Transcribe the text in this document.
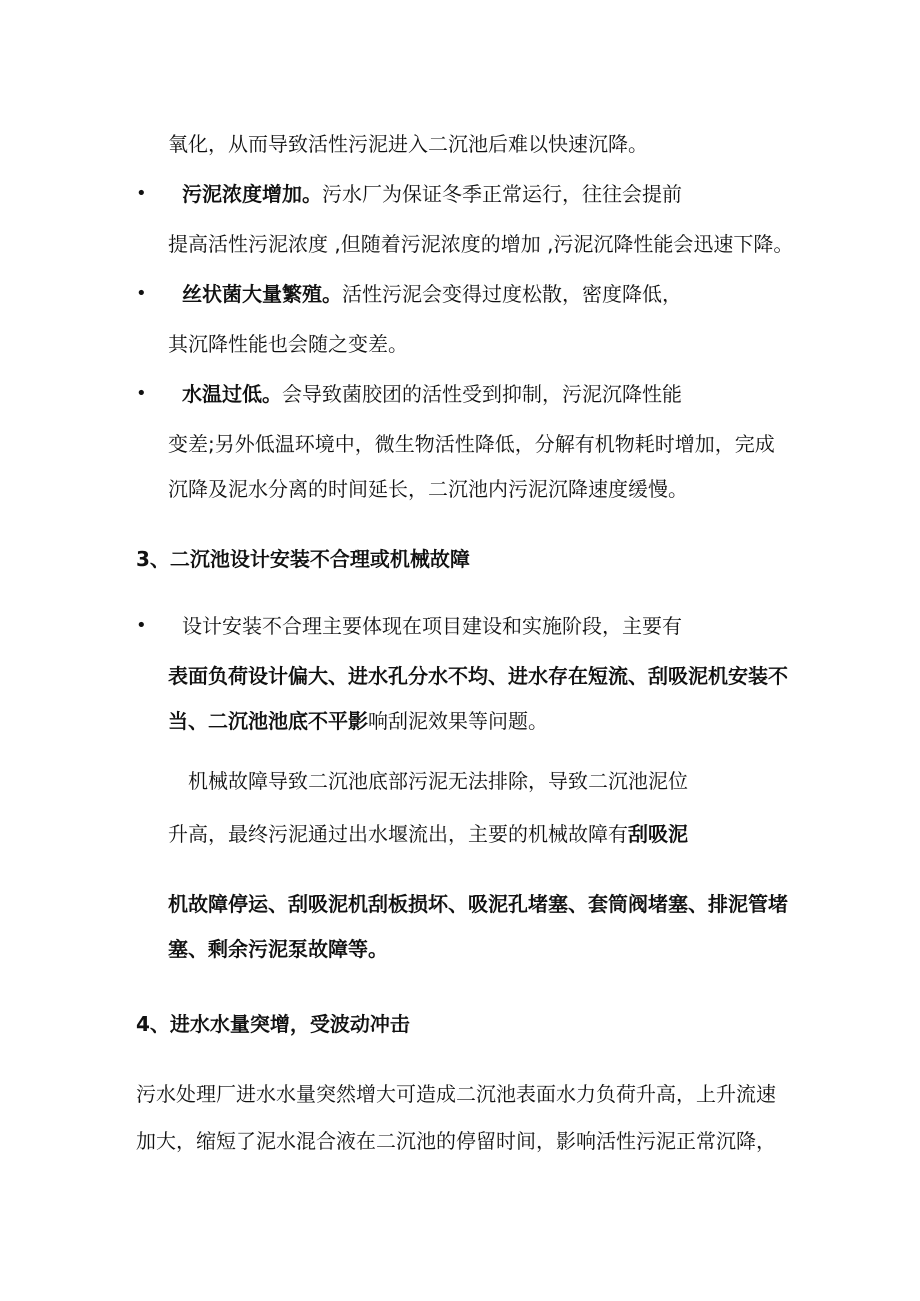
氧化，从而导致活性污泥进入二沉池后难以快速沉降。

• 污泥浓度增加。污水厂为保证冬季正常运行，往往会提前

提高活性污泥浓度 ,但随着污泥浓度的增加 ,污泥沉降性能会迅速下降。

• 丝状菌大量繁殖。活性污泥会变得过度松散，密度降低，

其沉降性能也会随之变差。

• 水温过低。会导致菌胶团的活性受到抑制，污泥沉降性能

变差;另外低温环境中，微生物活性降低，分解有机物耗时增加，完成

沉降及泥水分离的时间延长，二沉池内污泥沉降速度缓慢。

3、二沉池设计安装不合理或机械故障

• 设计安装不合理主要体现在项目建设和实施阶段，主要有

表面负荷设计偏大、进水孔分水不均、进水存在短流、刮吸泥机安装不

当、二沉池池底不平影响刮泥效果等问题。

机械故障导致二沉池底部污泥无法排除，导致二沉池泥位

升高，最终污泥通过出水堰流出，主要的机械故障有刮吸泥

机故障停运、刮吸泥机刮板损坏、吸泥孔堵塞、套筒阀堵塞、排泥管堵

塞、剩余污泥泵故障等。

4、进水水量突增，受波动冲击

污水处理厂进水水量突然增大可造成二沉池表面水力负荷升高，上升流速

加大，缩短了泥水混合液在二沉池的停留时间，影响活性污泥正常沉降，
